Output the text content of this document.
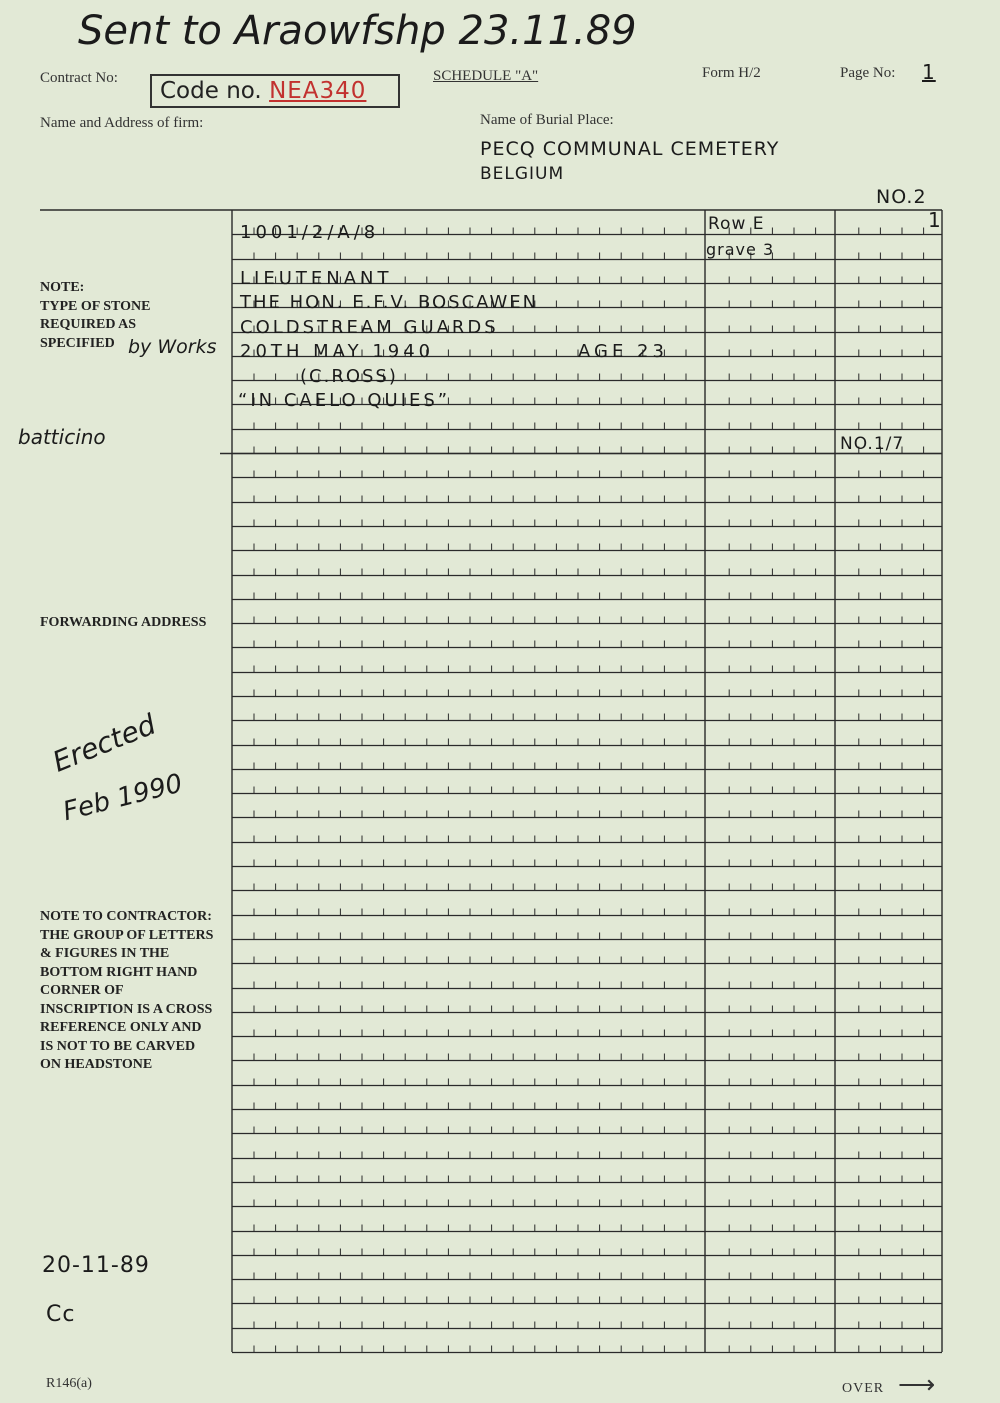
Sent to Araowfshp 23.11.89
Contract No:	Code no. NEA340
SCHEDULE "A"	Form H/2	Page No: 1
Name and Address of firm:	Name of Burial Place:
PECQ COMMUNAL CEMETERY
BELGIUM
NO.2
1001/2/A/8	Row E
grave 3
1
LIEUTENANT
THE HON. E.F.V. BOSCAWEN
COLDSTREAM GUARDS
20TH MAY 1940	AGE 23
(C.ROSS)
“IN CAELO QUIES”
NO.1/7
NOTE:
TYPE OF STONE
REQUIRED AS
SPECIFIED by Works
batticino
FORWARDING ADDRESS
Erected
Feb 1990
NOTE TO CONTRACTOR:
THE GROUP OF LETTERS
& FIGURES IN THE
BOTTOM RIGHT HAND
CORNER OF
INSCRIPTION IS A CROSS
REFERENCE ONLY AND
IS NOT TO BE CARVED
ON HEADSTONE
20-11-89
Cc
R146(a)	OVER ⟶
